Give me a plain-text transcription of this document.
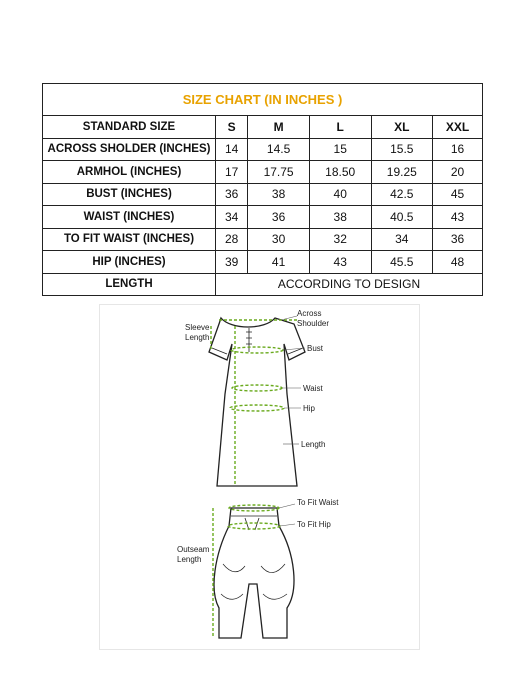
SIZE CHART (IN INCHES )					
STANDARD SIZE	S	M	L	XL	XXL
ACROSS SHOLDER (INCHES)	14	14.5	15	15.5	16
ARMHOL (INCHES)	17	17.75	18.50	19.25	20
BUST (INCHES)	36	38	40	42.5	45
WAIST (INCHES)	34	36	38	40.5	43
TO FIT WAIST (INCHES)	28	30	32	34	36
HIP (INCHES)	39	41	43	45.5	48
LENGTH	ACCORDING TO DESIGN				
Across
Shoulder
Sleeve
Length
Bust
Waist
Hip
Length
To Fit Waist
To Fit Hip
Outseam
Length
